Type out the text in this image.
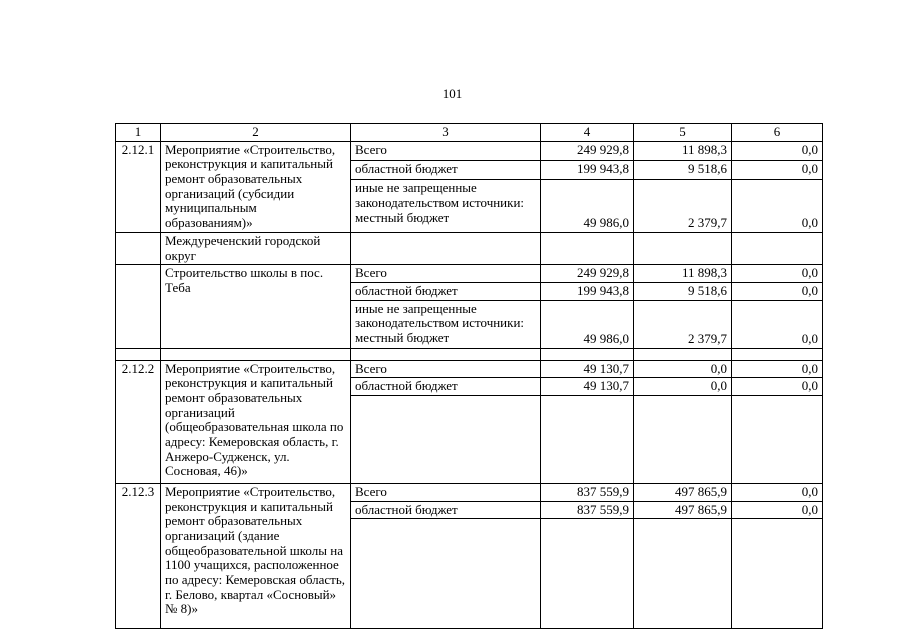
101
1	2	3	4	5	6
2.12.1	Мероприятие «Строительство, реконструкция и капитальный ремонт образовательных организаций (субсидии муниципальным образованиям)»	Всего	249 929,8	11 898,3	0,0
		областной бюджет	199 943,8	9 518,6	0,0
		иные не запрещенные законодательством источники: местный бюджет	49 986,0	2 379,7	0,0
	Междуреченский городской округ				
	Строительство школы в пос. Теба	Всего	249 929,8	11 898,3	0,0
		областной бюджет	199 943,8	9 518,6	0,0
		иные не запрещенные законодательством источники: местный бюджет	49 986,0	2 379,7	0,0

2.12.2	Мероприятие «Строительство, реконструкция и капитальный ремонт образовательных организаций (общеобразовательная школа по адресу: Кемеровская область, г. Анжеро-Судженск, ул. Сосновая, 46)»	Всего	49 130,7	0,0	0,0
		областной бюджет	49 130,7	0,0	0,0

2.12.3	Мероприятие «Строительство, реконструкция и капитальный ремонт образовательных организаций (здание общеобразовательной школы на 1100 учащихся, расположенное по адресу: Кемеровская область, г. Белово, квартал «Сосновый» № 8)»	Всего	837 559,9	497 865,9	0,0
		областной бюджет	837 559,9	497 865,9	0,0
